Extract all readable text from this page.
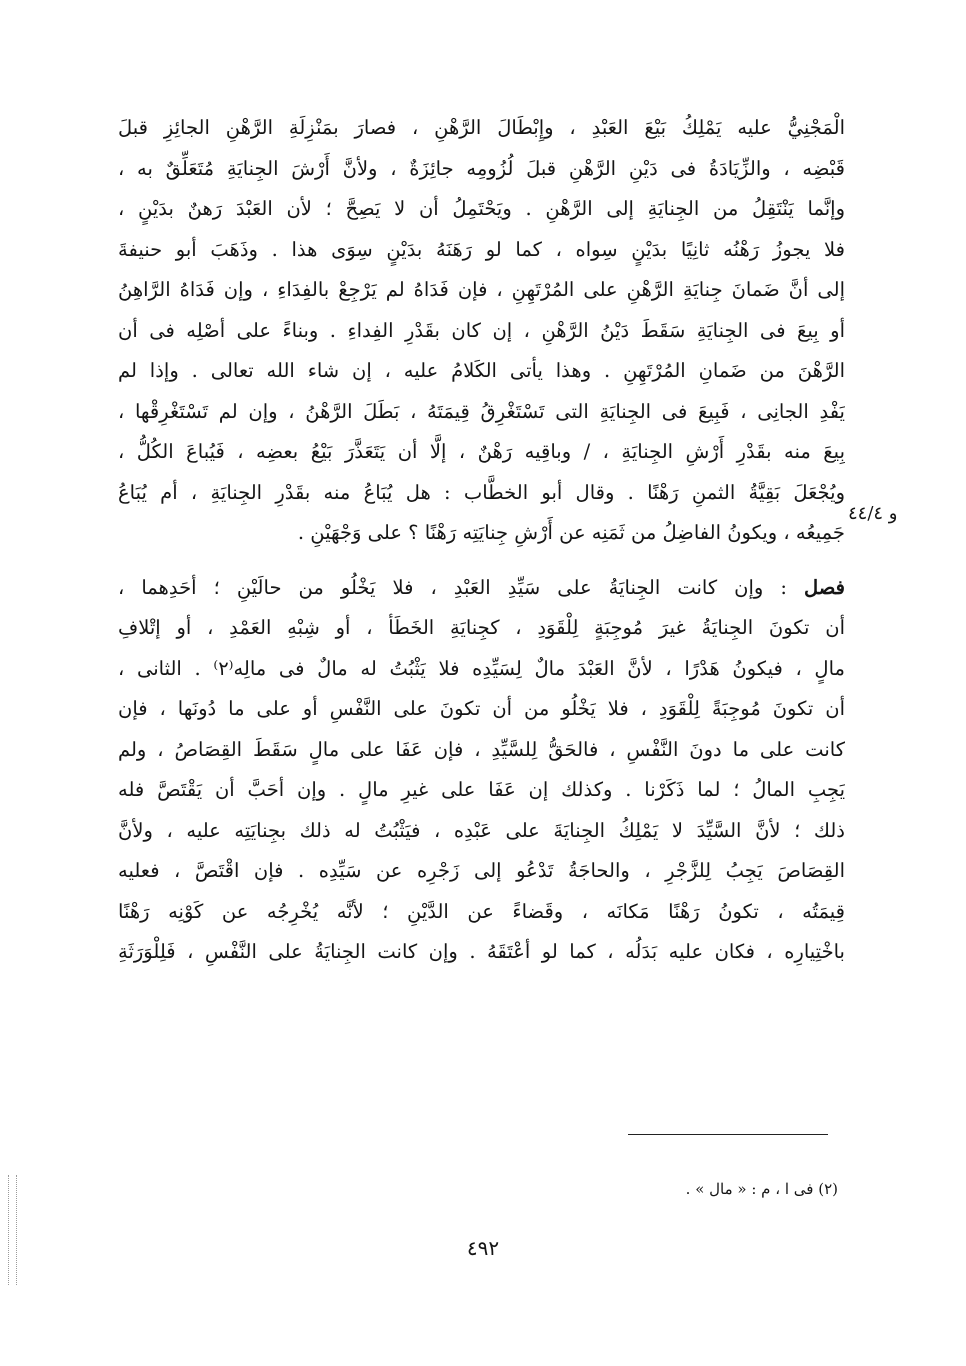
الْمَجْنِيُّ عليه يَمْلِكُ بَيْعَ العَبْدِ ، وإِبْطَالَ الرَّهْنِ ، فصارَ بمَنْزِلَةِ الرَّهْنِ الجائِزِ قبلَ
قَبْضِه ، والزِّيَادَةُ فى دَيْنِ الرَّهْنِ قبلَ لُزُومِه جائِزَةٌ ، ولأنَّ أَرْشَ الجِنايَةِ مُتَعَلِّقٌ به ،
وإنَّما يَنْتَقِلُ من الجِنايَةِ إلى الرَّهْنِ . ويَحْتَمِلُ أن لا يَصِحَّ ؛ لأن العَبْدَ رَهنٌ بدَيْنٍ ،
فلا يجوزُ رَهْنُه ثانِيًا بدَيْنٍ سِواه ، كما لو رَهَنَهُ بدَيْنٍ سِوَى هذا . وذَهَبَ أبو حنيفةَ
إلى أنَّ ضَمانَ جِنايَةِ الرَّهْنِ على المُرْتَهِنِ ، فإن فَدَاهُ لم يَرْجِعْ بالفِدَاءِ ، وإن فَدَاهُ الرَّاهِنُ
أو بِيعَ فى الجِنايَةِ سَقَطَ دَيْنُ الرَّهْنِ ، إن كان بقَدْرِ الفِداءِ . وبناءً على أصْلِه فى أن
الرَّهْنَ من ضَمانِ المُرْتَهِنِ . وهذا يأتى الكَلامُ عليه ، إن شاء الله تعالى . وإذا لم
يَفْدِ الجانِى ، فَبِيعَ فى الجِنايَةِ التى تَسْتَغْرِقُ قِيمَتَهُ ، بَطَلَ الرَّهْنُ ، وإن لم تَسْتَغْرِقْها ،
بِيعَ منه بقَدْرِ أَرْشِ الجِنايَةِ ، / وباقِيه رَهْنٌ ، إلَّا أن يَتَعَذَّرَ بَيْعُ بعضِه ، فَيُباعَ الكُلُّ ،
ويُجْعَلَ بَقِيَّةُ الثمنِ رَهْنًا . وقال أبو الخطَّاب : هل يُبَاعُ منه بقَدْرِ الجِنايَةِ ، أم يُبَاعُ
جَمِيعُه ، ويكونُ الفاضِلُ من ثَمَنِه عن أَرْشِ جِنايَتِه رَهْنًا ؟ على وَجْهَيْنِ .
فصل : وإن كانت الجِنايَةُ على سَيِّدِ العَبْدِ ، فلا يَخْلُو من حالَيْنِ ؛ أحَدِهما ،
أن تكونَ الجِنايَةُ غيرَ مُوجِبَةٍ لِلْقَوَدِ ، كجِنايَةِ الخَطَأ ، أو شِبْهِ العَمْدِ ، أو إتْلافِ
مالٍ ، فيكونُ هَدْرًا ، لأنَّ العَبْدَ مالٌ لِسَيِّدِه فلا يَثْبُتُ له مالٌ فى مالِه⁽٢⁾ . الثانى ،
أن تكونَ مُوجِبَةً لِلْقَوَدِ ، فلا يَخْلُو من أن تكونَ على النَّفْسِ أو على ما دُونَها ، فإن
كانت على ما دونَ النَّفْسِ ، فالحَقُّ لِلسَّيِّدِ ، فإن عَفَا على مالٍ سَقَطَ القِصَاصُ ، ولم
يَجِبِ المالُ ؛ لما ذَكَرْنا . وكذلك إن عَفَا على غيرِ مالٍ . وإن أحَبَّ أن يَقْتَصَّ فله
ذلك ؛ لأنَّ السَّيِّدَ لا يَمْلِكُ الجِنايَةَ على عَبْدِه ، فيَثْبُتُ له ذلك بجِنايَتِه عليه ، ولأنَّ
القِصَاصَ يَجِبُ لِلزَّجْرِ ، والحاجَةُ تَدْعُو إلى زَجْرِه عن سَيِّدِه . فإن اقْتَصَّ ، فعليه
قِيمَتُه ، تكونُ رَهْنًا مَكانَه ، وقَضاءً عن الدَّيْنِ ؛ لأنَّه يُخْرِجُه عن كَوْنِه رَهْنًا
باخْتِيارِه ، فكان عليه بَدَلُه ، كما لو أعْتَقَهُ . وإن كانت الجِنايَةُ على النَّفْسِ ، فَلِلْوَرَثَةِ
و ٤٤/٤
(٢) فى ا ، م : « مال » .
٤٩٢
